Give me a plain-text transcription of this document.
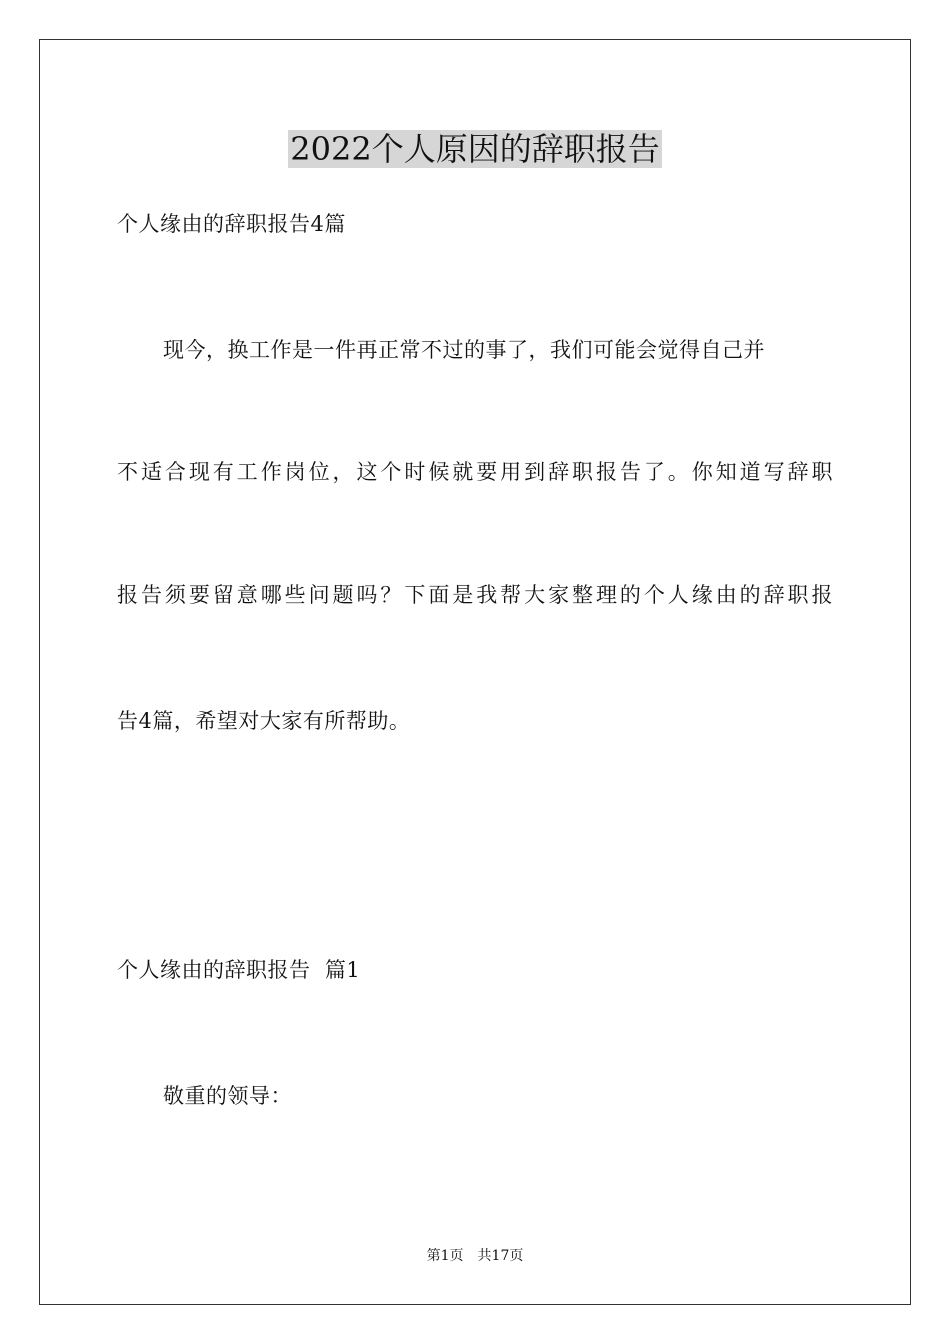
2022个人原因的辞职报告
个人缘由的辞职报告4篇
现今，换工作是一件再正常不过的事了，我们可能会觉得自己并
不适合现有工作岗位，这个时候就要用到辞职报告了。你知道写辞职
报告须要留意哪些问题吗？下面是我帮大家整理的个人缘由的辞职报
告4篇，希望对大家有所帮助。
个人缘由的辞职报告  篇1
敬重的领导：
第1页 共17页
